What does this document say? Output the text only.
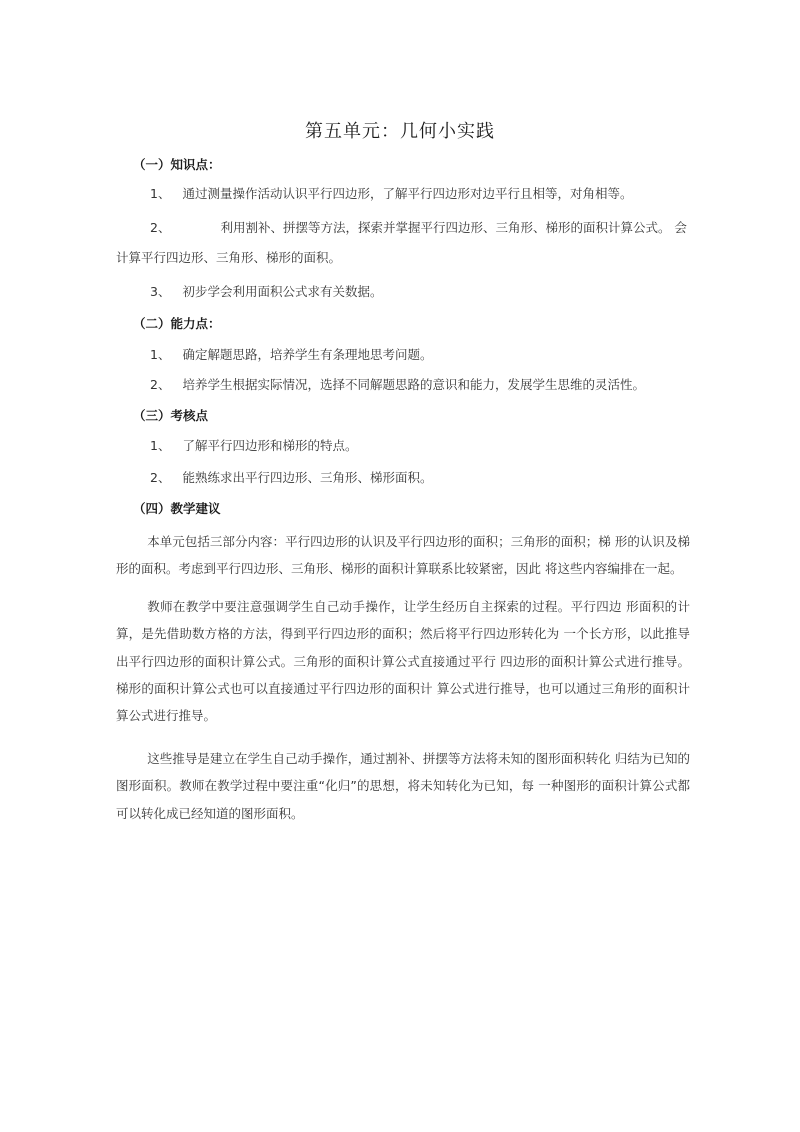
第五单元：几何小实践
（一）知识点：
1、 通过测量操作活动认识平行四边形，了解平行四边形对边平行且相等，对角相等。
2、	利用割补、拼摆等方法，探索并掌握平行四边形、三角形、梯形的面积计算公式。 会
计算平行四边形、三角形、梯形的面积。
3、 初步学会利用面积公式求有关数据。
（二）能力点：
1、 确定解题思路，培养学生有条理地思考问题。
2、 培养学生根据实际情况，选择不同解题思路的意识和能力，发展学生思维的灵活性。
（三）考核点
1、 了解平行四边形和梯形的特点。
2、 能熟练求出平行四边形、三角形、梯形面积。
（四）教学建议
本单元包括三部分内容：平行四边形的认识及平行四边形的面积；三角形的面积；梯 形的认识及梯形的面积。考虑到平行四边形、三角形、梯形的面积计算联系比较紧密，因此 将这些内容编排在一起。
教师在教学中要注意强调学生自己动手操作，让学生经历自主探索的过程。平行四边 形面积的计算，是先借助数方格的方法，得到平行四边形的面积；然后将平行四边形转化为 一个长方形，以此推导出平行四边形的面积计算公式。三角形的面积计算公式直接通过平行 四边形的面积计算公式进行推导。梯形的面积计算公式也可以直接通过平行四边形的面积计 算公式进行推导，也可以通过三角形的面积计算公式进行推导。
这些推导是建立在学生自己动手操作，通过割补、拼摆等方法将未知的图形面积转化 归结为已知的图形面积。教师在教学过程中要注重“化归”的思想，将未知转化为已知，每 一种图形的面积计算公式都可以转化成已经知道的图形面积。
